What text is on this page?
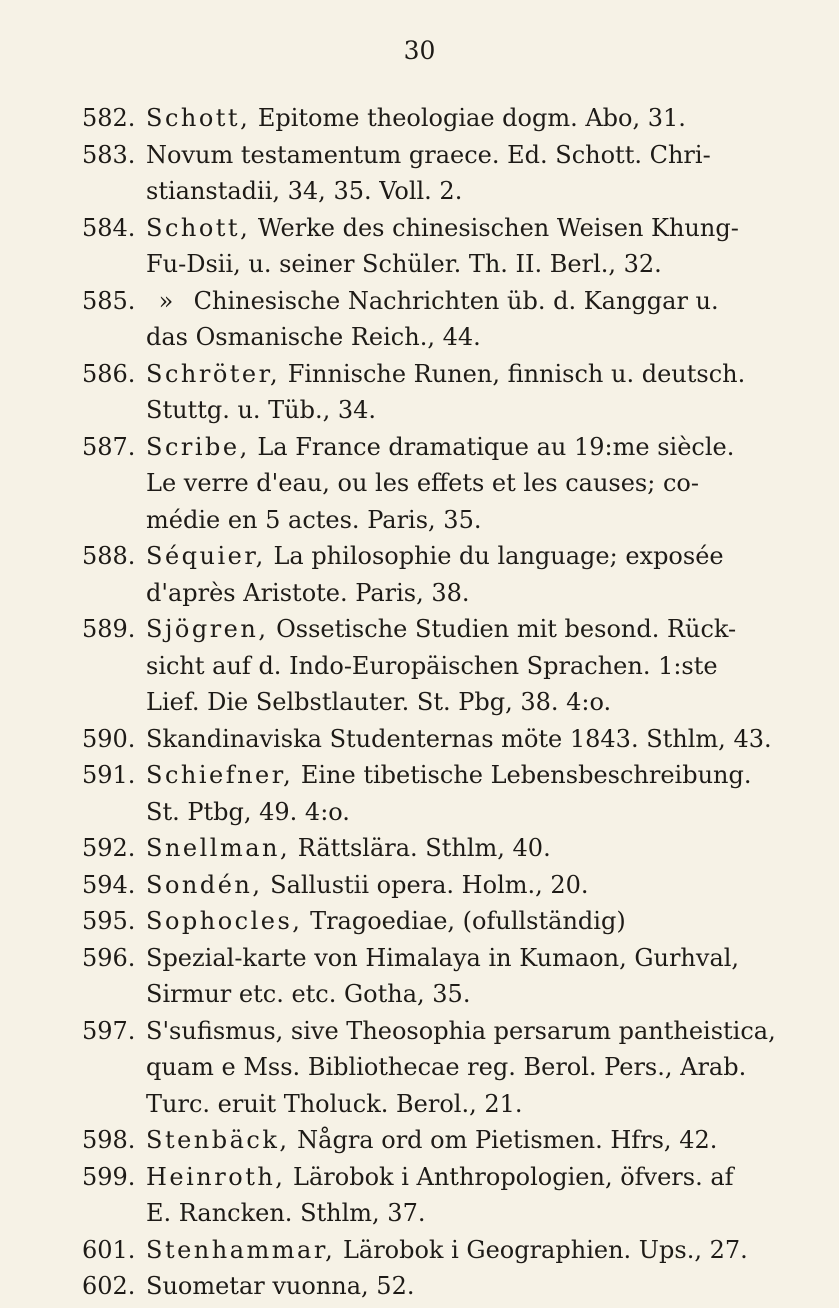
30
582. Schott, Epitome theologiae dogm. Abo, 31.
583. Novum testamentum graece. Ed. Schott. Chri-
stianstadii, 34, 35. Voll. 2.
584. Schott, Werke des chinesischen Weisen Khung-
Fu-Dsii, u. seiner Schüler. Th. II. Berl., 32.
585. » Chinesische Nachrichten üb. d. Kanggar u.
das Osmanische Reich., 44.
586. Schröter, Finnische Runen, finnisch u. deutsch.
Stuttg. u. Tüb., 34.
587. Scribe, La France dramatique au 19:me siècle.
Le verre d'eau, ou les effets et les causes; co-
médie en 5 actes. Paris, 35.
588. Séquier, La philosophie du language; exposée
d'après Aristote. Paris, 38.
589. Sjögren, Ossetische Studien mit besond. Rück-
sicht auf d. Indo-Europäischen Sprachen. 1:ste
Lief. Die Selbstlauter. St. Pbg, 38. 4:o.
590. Skandinaviska Studenternas möte 1843. Sthlm, 43.
591. Schiefner, Eine tibetische Lebensbeschreibung.
St. Ptbg, 49. 4:o.
592. Snellman, Rättslära. Sthlm, 40.
594. Sondén, Sallustii opera. Holm., 20.
595. Sophocles, Tragoediae, (ofullständig)
596. Spezial-karte von Himalaya in Kumaon, Gurhval,
Sirmur etc. etc. Gotha, 35.
597. S'sufismus, sive Theosophia persarum pantheistica,
quam e Mss. Bibliothecae reg. Berol. Pers., Arab.
Turc. eruit Tholuck. Berol., 21.
598. Stenbäck, Några ord om Pietismen. Hfrs, 42.
599. Heinroth, Lärobok i Anthropologien, öfvers. af
E. Rancken. Sthlm, 37.
601. Stenhammar, Lärobok i Geographien. Ups., 27.
602. Suometar vuonna, 52.
